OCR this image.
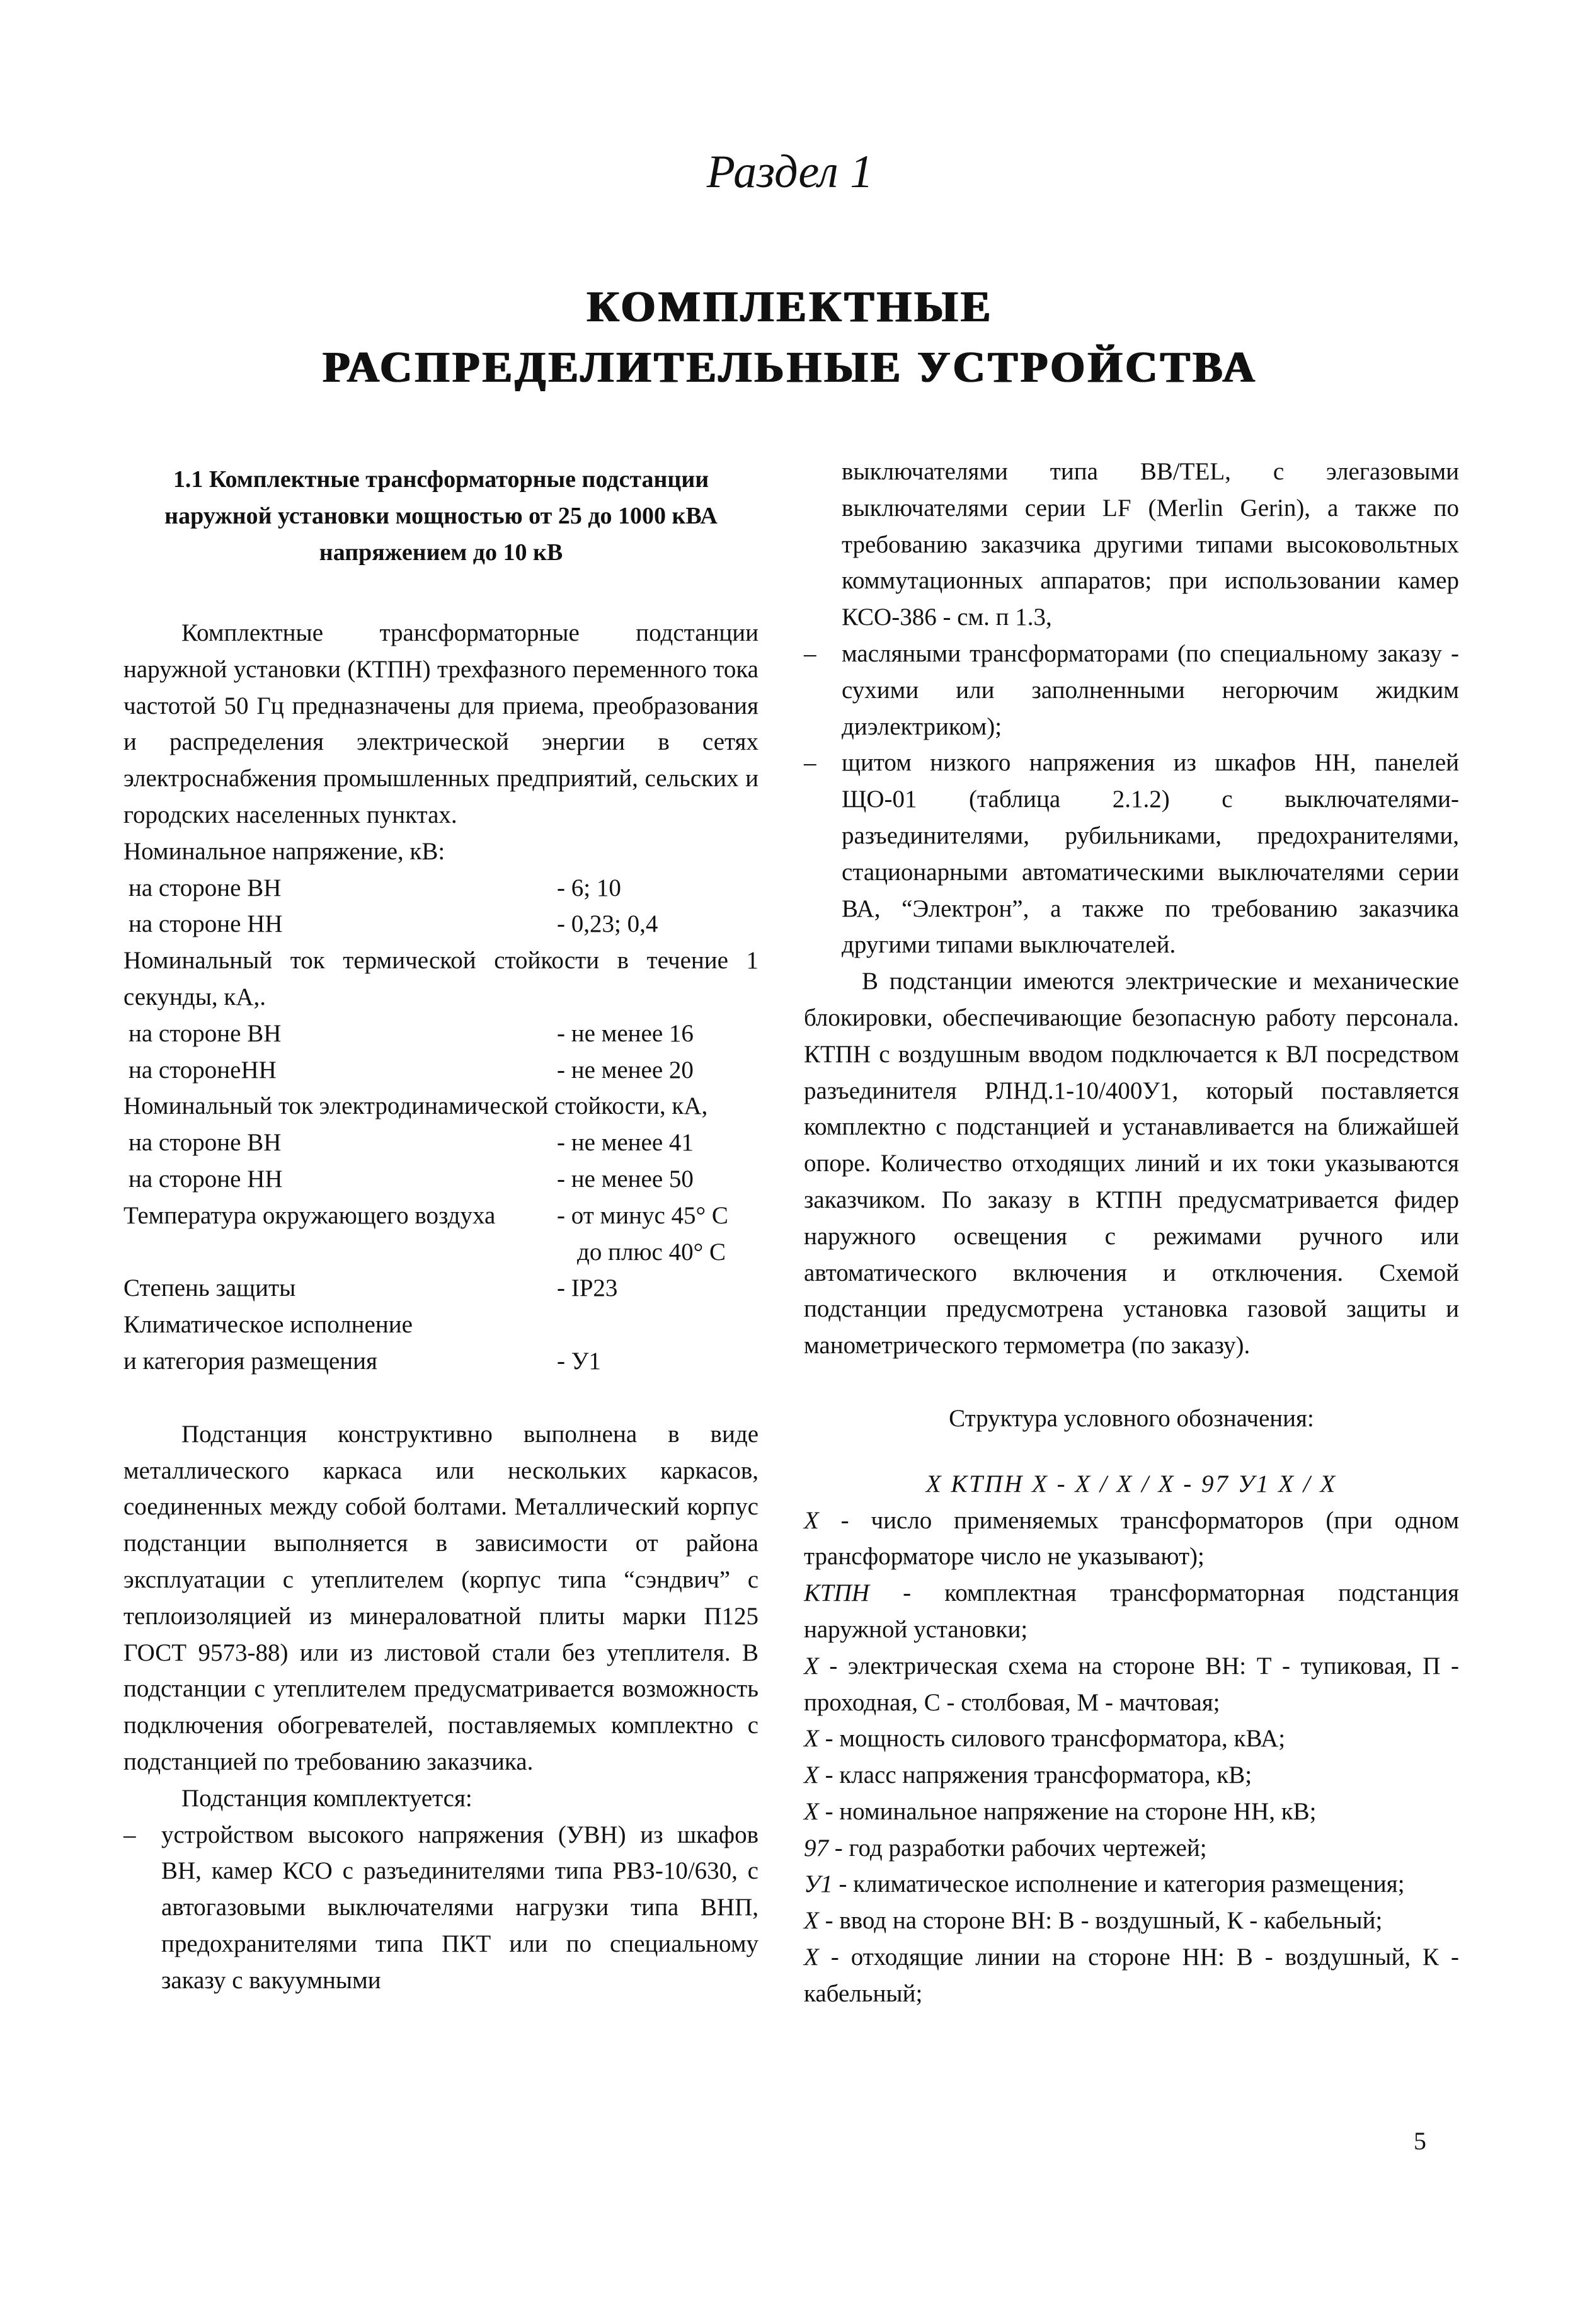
Раздел 1
КОМПЛЕКТНЫЕ
РАСПРЕДЕЛИТЕЛЬНЫЕ УСТРОЙСТВА
1.1 Комплектные трансформаторные подстанции
наружной установки мощностью от 25 до 1000 кВА
напряжением до 10 кВ

Комплектные трансформаторные подстанции наружной установки (КТПН) трехфазного переменного тока частотой 50 Гц предназначены для приема, преобразования и распределения электрической энергии в сетях электроснабжения промышленных предприятий, сельских и городских населенных пунктах.

Номинальное напряжение, кВ:

на стороне ВН	- 6; 10
на стороне НН	- 0,23; 0,4

Номинальный ток термической стойкости в течение 1 секунды, кА,.

на стороне ВН	- не менее 16
на сторонеНН	- не менее 20

Номинальный ток электродинамической стойкости, кА,

на стороне ВН	- не менее 41
на стороне НН	- не менее 50
Температура окружающего воздуха	- от минус 45° С
до плюс 40° С
Степень защиты	- IP23
Климатическое исполнение
и категория размещения	- У1

Подстанция конструктивно выполнена в виде металлического каркаса или нескольких каркасов, соединенных между собой болтами. Металлический корпус подстанции выполняется в зависимости от района эксплуатации с утеплителем (корпус типа “сэндвич” с теплоизоляцией из минераловатной плиты марки П125 ГОСТ 9573-88) или из листовой стали без утеплителя. В подстанции с утеплителем предусматривается возможность подключения обогревателей, поставляемых комплектно с подстанцией по требованию заказчика.

Подстанция комплектуется:

– устройством высокого напряжения (УВН) из шкафов ВН, камер КСО с разъединителями типа РВЗ-10/630, с автогазовыми выключателями нагрузки типа ВНП, предохранителями типа ПКТ или по специальному заказу с вакуумными

выключателями типа BB/TEL, с элегазовыми выключателями серии LF (Merlin Gerin), а также по требованию заказчика другими типами высоковольтных коммутационных аппаратов; при использовании камер КСО-386 - см. п 1.3,

– масляными трансформаторами (по специальному заказу - сухими или заполненными негорючим жидким диэлектриком);

– щитом низкого напряжения из шкафов НН, панелей ЩО-01 (таблица 2.1.2) с выключателями-разъединителями, рубильниками, предохранителями, стационарными автоматическими выключателями серии ВА, “Электрон”, а также по требованию заказчика другими типами выключателей.

В подстанции имеются электрические и механические блокировки, обеспечивающие безопасную работу персонала. КТПН с воздушным вводом подключается к ВЛ посредством разъединителя РЛНД.1-10/400У1, который поставляется комплектно с подстанцией и устанавливается на ближайшей опоре. Количество отходящих линий и их токи указываются заказчиком. По заказу в КТПН предусматривается фидер наружного освещения с режимами ручного или автоматического включения и отключения. Схемой подстанции предусмотрена установка газовой защиты и манометрического термометра (по заказу).

Структура условного обозначения:

X КТПН X - X / X / X - 97 У1 X / X

X - число применяемых трансформаторов (при одном трансформаторе число не указывают);

КТПН - комплектная трансформаторная подстанция наружной установки;

X - электрическая схема на стороне ВН: Т - тупиковая, П - проходная, С - столбовая, М - мачтовая;

X - мощность силового трансформатора, кВА;

X - класс напряжения трансформатора, кВ;

X - номинальное напряжение на стороне НН, кВ;

97 - год разработки рабочих чертежей;

У1 - климатическое исполнение и категория размещения;

X - ввод на стороне ВН: В - воздушный, К - кабельный;

X - отходящие линии на стороне НН: В - воздушный, К - кабельный;

5
